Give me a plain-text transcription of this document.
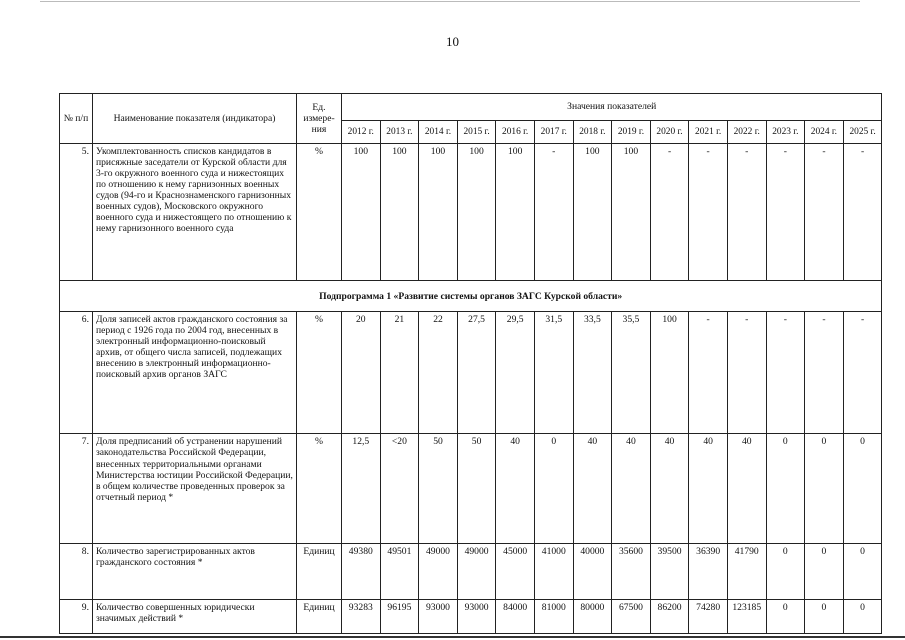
10
№ п/п	Наименование показателя (индикатора)	Ед. измере-ния	Значения показателей													
			2012 г.	2013 г.	2014 г.	2015 г.	2016 г.	2017 г.	2018 г.	2019 г.	2020 г.	2021 г.	2022 г.	2023 г.	2024 г.	2025 г.
5.	Укомплектованность списков кандидатов в присяжные заседатели от Курской области для 3-го окружного военного суда и нижестоящих по отношению к нему гарнизонных военных судов (94-го и Краснознаменского гарнизонных военных судов), Московского окружного военного суда и нижестоящего по отношению к нему гарнизонного военного суда	%	100	100	100	100	100	-	100	100	-	-	-	-	-	-
Подпрограмма 1 «Развитие системы органов ЗАГС Курской области»																
6.	Доля записей актов гражданского состояния за период с 1926 года по 2004 год, внесенных в электронный информационно-поисковый архив, от общего числа записей, подлежащих внесению в электронный информационно-поисковый архив органов ЗАГС	%	20	21	22	27,5	29,5	31,5	33,5	35,5	100	-	-	-	-	-
7.	Доля предписаний об устранении нарушений законодательства Российской Федерации, внесенных территориальными органами Министерства юстиции Российской Федерации, в общем количестве проведенных проверок за отчетный период *	%	12,5	<20	50	50	40	0	40	40	40	40	40	0	0	0
8.	Количество зарегистрированных актов гражданского состояния *	Единиц	49380	49501	49000	49000	45000	41000	40000	35600	39500	36390	41790	0	0	0
9.	Количество совершенных юридически значимых действий *	Единиц	93283	96195	93000	93000	84000	81000	80000	67500	86200	74280	123185	0	0	0
